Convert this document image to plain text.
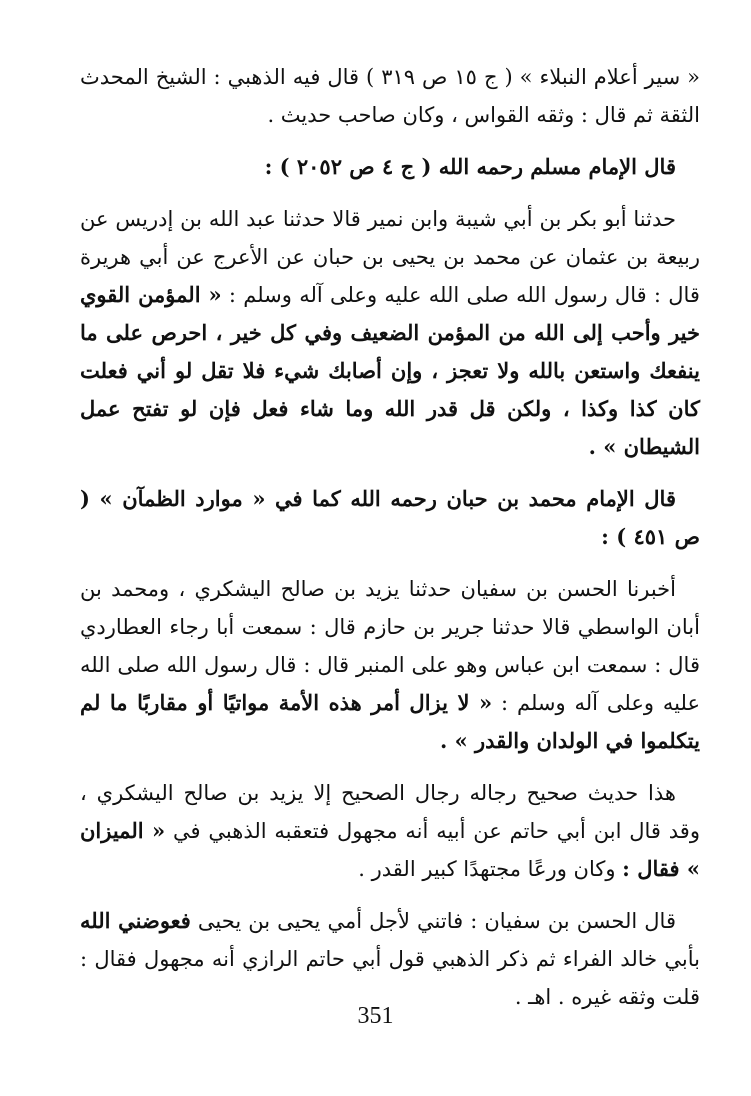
« سير أعلام النبلاء » ( ج ١٥ ص ٣١٩ ) قال فيه الذهبي : الشيخ المحدث الثقة ثم قال : وثقه القواس ، وكان صاحب حديث .

قال الإمام مسلم رحمه الله ( ج ٤ ص ٢٠٥٢ ) :

حدثنا أبو بكر بن أبي شيبة وابن نمير قالا حدثنا عبد الله بن إدريس عن ربيعة بن عثمان عن محمد بن يحيى بن حبان عن الأعرج عن أبي هريرة قال : قال رسول الله صلى الله عليه وعلى آله وسلم : « المؤمن القوي خير وأحب إلى الله من المؤمن الضعيف وفي كل خير ، احرص على ما ينفعك واستعن بالله ولا تعجز ، وإن أصابك شيء فلا تقل لو أني فعلت كان كذا وكذا ، ولكن قل قدر الله وما شاء فعل فإن لو تفتح عمل الشيطان » .

قال الإمام محمد بن حبان رحمه الله كما في « موارد الظمآن » ( ص ٤٥١ ) :

أخبرنا الحسن بن سفيان حدثنا يزيد بن صالح اليشكري ، ومحمد بن أبان الواسطي قالا حدثنا جرير بن حازم قال : سمعت أبا رجاء العطاردي قال : سمعت ابن عباس وهو على المنبر قال : قال رسول الله صلى الله عليه وعلى آله وسلم : « لا يزال أمر هذه الأمة مواتيًا أو مقاربًا ما لم يتكلموا في الولدان والقدر » .

هذا حديث صحيح رجاله رجال الصحيح إلا يزيد بن صالح اليشكري ، وقد قال ابن أبي حاتم عن أبيه أنه مجهول فتعقبه الذهبي في « الميزان » فقال : وكان ورعًا مجتهدًا كبير القدر .

قال الحسن بن سفيان : فاتني لأجل أمي يحيى بن يحيى فعوضني الله بأبي خالد الفراء ثم ذكر الذهبي قول أبي حاتم الرازي أنه مجهول فقال : قلت وثقه غيره . اهـ .

351
